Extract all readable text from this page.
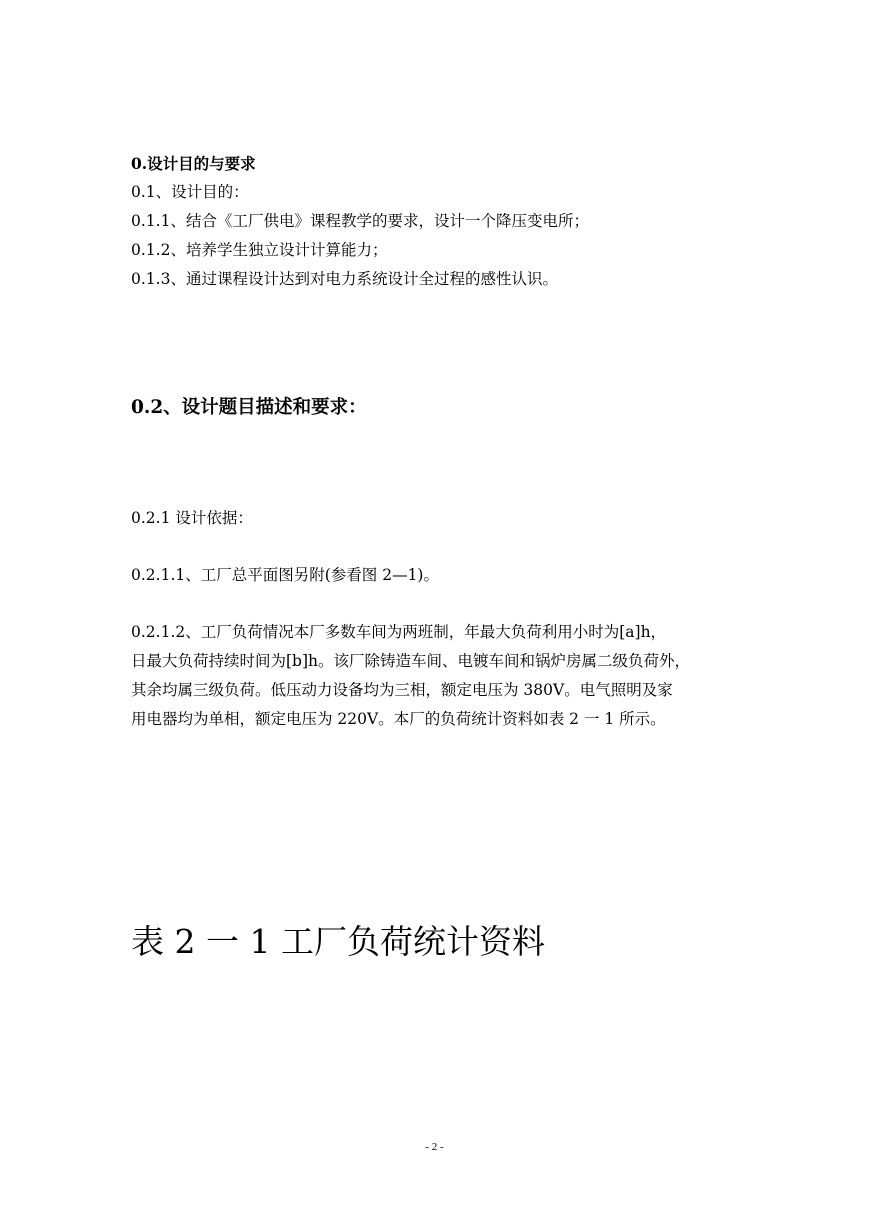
0.设计目的与要求
0.1、设计目的：
0.1.1、结合《工厂供电》课程教学的要求，设计一个降压变电所；
0.1.2、培养学生独立设计计算能力；
0.1.3、通过课程设计达到对电力系统设计全过程的感性认识。
0.2、设计题目描述和要求：
0.2.1 设计依据：
0.2.1.1、工厂总平面图另附(参看图 2—1)。
0.2.1.2、工厂负荷情况本厂多数车间为两班制，年最大负荷利用小时为[a]h，
日最大负荷持续时间为[b]h。该厂除铸造车间、电镀车间和锅炉房属二级负荷外，
其余均属三级负荷。低压动力设备均为三相，额定电压为 380V。电气照明及家
用电器均为单相，额定电压为 220V。本厂的负荷统计资料如表 2 一 1 所示。
表 2 一 1 工厂负荷统计资料
- 2 -
